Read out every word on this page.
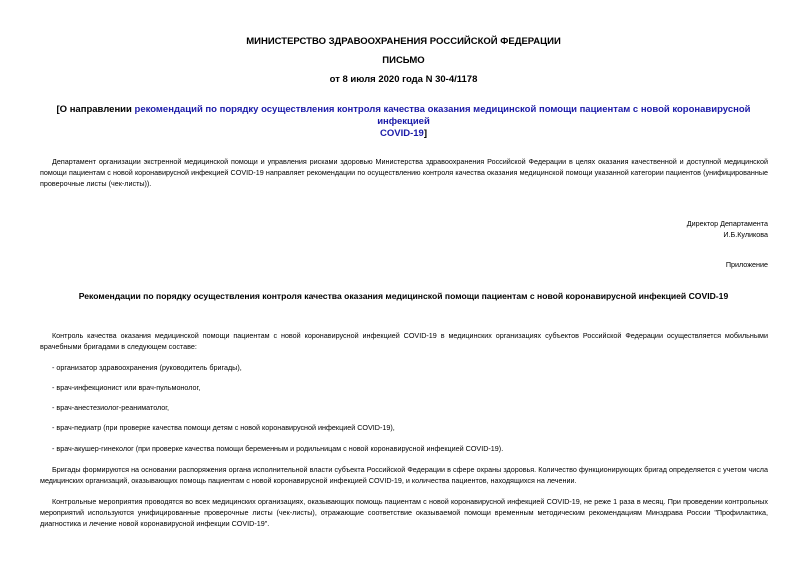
МИНИСТЕРСТВО ЗДРАВООХРАНЕНИЯ РОССИЙСКОЙ ФЕДЕРАЦИИ
ПИСЬМО
от 8 июля 2020 года N 30-4/1178
[О направлении рекомендаций по порядку осуществления контроля качества оказания медицинской помощи пациентам с новой коронавирусной инфекцией
COVID-19]
Департамент организации экстренной медицинской помощи и управления рисками здоровью Министерства здравоохранения Российской Федерации в целях оказания качественной и доступной медицинской помощи пациентам с новой коронавирусной инфекцией COVID-19 направляет рекомендации по осуществлению контроля качества оказания медицинской помощи указанной категории пациентов (унифицированные проверочные листы (чек-листы)).
Директор Департамента
И.Б.Куликова
Приложение
Рекомендации по порядку осуществления контроля качества оказания медицинской помощи пациентам с новой коронавирусной инфекцией COVID-19
Контроль качества оказания медицинской помощи пациентам с новой коронавирусной инфекцией COVID-19 в медицинских организациях субъектов Российской Федерации осуществляется мобильными врачебными бригадами в следующем составе:
- организатор здравоохранения (руководитель бригады),
- врач-инфекционист или врач-пульмонолог,
- врач-анестезиолог-реаниматолог,
- врач-педиатр (при проверке качества помощи детям с новой коронавирусной инфекцией COVID-19),
- врач-акушер-гинеколог (при проверке качества помощи беременным и родильницам с новой коронавирусной инфекцией COVID-19).
Бригады формируются на основании распоряжения органа исполнительной власти субъекта Российской Федерации в сфере охраны здоровья. Количество функционирующих бригад определяется с учетом числа медицинских организаций, оказывающих помощь пациентам с новой коронавирусной инфекцией COVID-19, и количества пациентов, находящихся на лечении.
Контрольные мероприятия проводятся во всех медицинских организациях, оказывающих помощь пациентам с новой коронавирусной инфекцией COVID-19, не реже 1 раза в месяц. При проведении контрольных мероприятий используются унифицированные проверочные листы (чек-листы), отражающие соответствие оказываемой помощи временным методическим рекомендациям Минздрава России "Профилактика, диагностика и лечение новой коронавирусной инфекции COVID-19".
